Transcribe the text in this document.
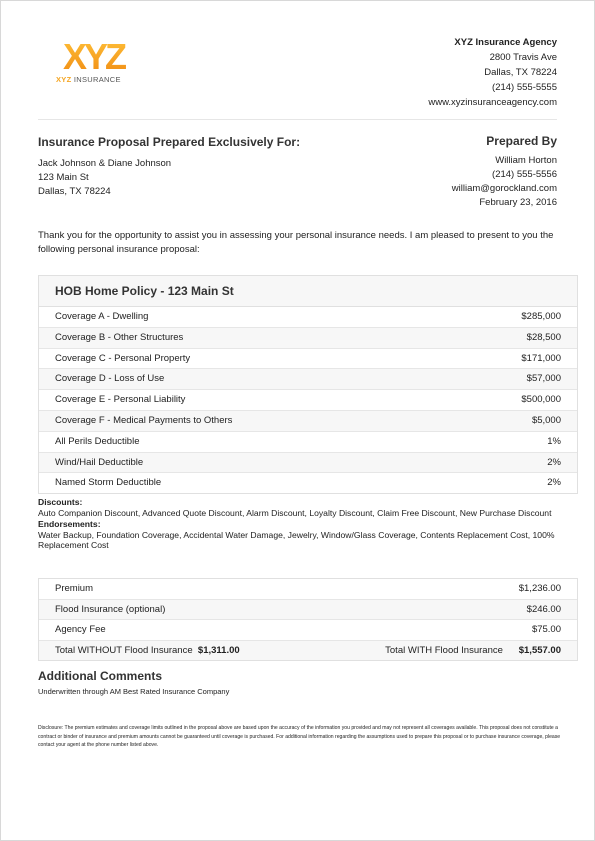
XYZ
XYZ INSURANCE
XYZ Insurance Agency
2800 Travis Ave
Dallas, TX 78224
(214) 555-5555
www.xyzinsuranceagency.com
Insurance Proposal Prepared Exclusively For:
Jack Johnson & Diane Johnson
123 Main St
Dallas, TX 78224
Prepared By
William Horton
(214) 555-5556
william@gorockland.com
February 23, 2016
Thank you for the opportunity to assist you in assessing your personal insurance needs. I am pleased to present to you the following personal insurance proposal:
HOB Home Policy - 123 Main St
Coverage A - Dwelling	$285,000
Coverage B - Other Structures	$28,500
Coverage C - Personal Property	$171,000
Coverage D - Loss of Use	$57,000
Coverage E - Personal Liability	$500,000
Coverage F - Medical Payments to Others	$5,000
All Perils Deductible	1%
Wind/Hail Deductible	2%
Named Storm Deductible	2%
Discounts:
Auto Companion Discount, Advanced Quote Discount, Alarm Discount, Loyalty Discount, Claim Free Discount, New Purchase Discount
Endorsements:
Water Backup, Foundation Coverage, Accidental Water Damage, Jewelry, Window/Glass Coverage, Contents Replacement Cost, 100% Replacement Cost
Premium	$1,236.00
Flood Insurance (optional)	$246.00
Agency Fee	$75.00
Total WITHOUT Flood Insurance $1,311.00	Total WITH Flood Insurance $1,557.00
Additional Comments
Underwritten through AM Best Rated Insurance Company
Disclosure: The premium estimates and coverage limits outlined in the proposal above are based upon the accuracy of the information you provided and may not represent all coverages available. This proposal does not constitute a contract or binder of insurance and premium amounts cannot be guaranteed until coverage is purchased. For additional information regarding the assumptions used to prepare this proposal or to purchase insurance coverage, please contact your agent at the phone number listed above.
